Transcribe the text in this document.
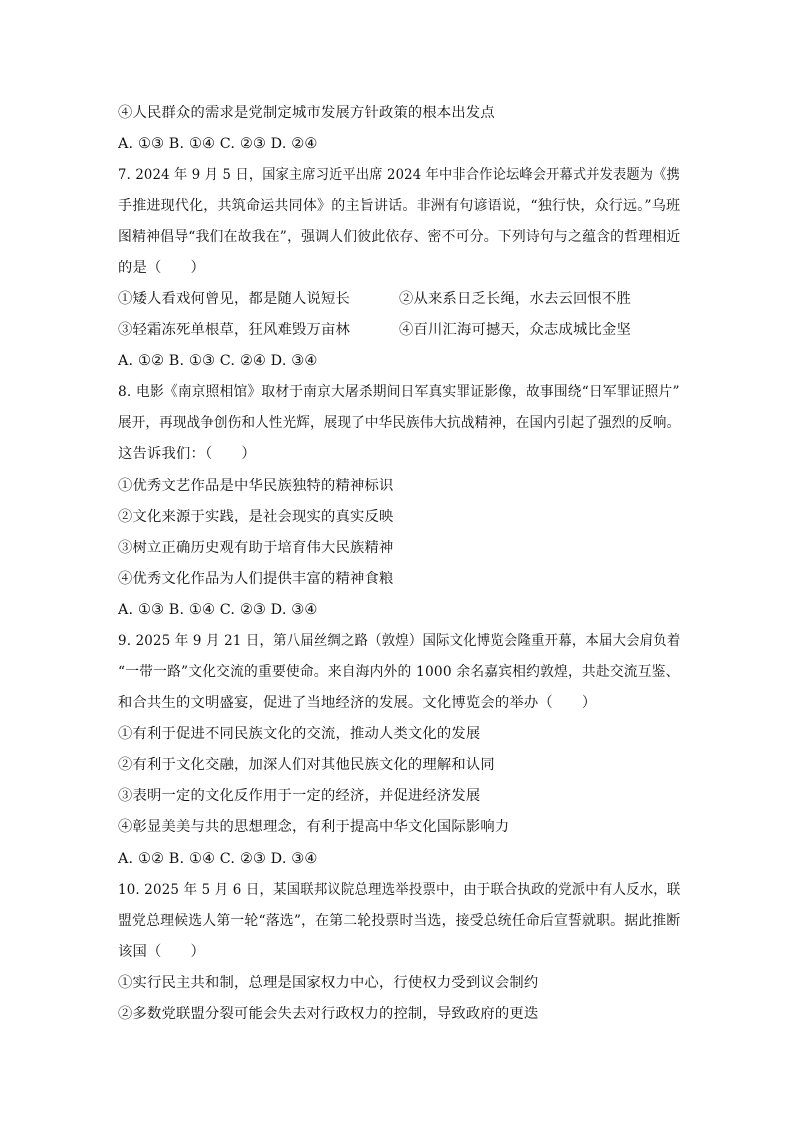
④人民群众的需求是党制定城市发展方针政策的根本出发点
A. ①③ B. ①④ C. ②③ D. ②④
7. 2024 年 9 月 5 日，国家主席习近平出席 2024 年中非合作论坛峰会开幕式并发表题为《携
手推进现代化，共筑命运共同体》的主旨讲话。非洲有句谚语说，“独行快，众行远。”乌班
图精神倡导“我们在故我在”，强调人们彼此依存、密不可分。下列诗句与之蕴含的哲理相近
的是（　　）
①矮人看戏何曾见，都是随人说短长	②从来系日乏长绳，水去云回恨不胜
③轻霜冻死单根草，狂风难毁万亩林	④百川汇海可撼天，众志成城比金坚
A. ①② B. ①③ C. ②④ D. ③④
8. 电影《南京照相馆》取材于南京大屠杀期间日军真实罪证影像，故事围绕“日军罪证照片”
展开，再现战争创伤和人性光辉，展现了中华民族伟大抗战精神，在国内引起了强烈的反响。
这告诉我们：（　　）
①优秀文艺作品是中华民族独特的精神标识
②文化来源于实践，是社会现实的真实反映
③树立正确历史观有助于培育伟大民族精神
④优秀文化作品为人们提供丰富的精神食粮
A. ①③ B. ①④ C. ②③ D. ③④
9. 2025 年 9 月 21 日，第八届丝绸之路（敦煌）国际文化博览会隆重开幕，本届大会肩负着
“一带一路”文化交流的重要使命。来自海内外的 1000 余名嘉宾相约敦煌，共赴交流互鉴、
和合共生的文明盛宴，促进了当地经济的发展。文化博览会的举办（　　）
①有利于促进不同民族文化的交流，推动人类文化的发展
②有利于文化交融，加深人们对其他民族文化的理解和认同
③表明一定的文化反作用于一定的经济，并促进经济发展
④彰显美美与共的思想理念，有利于提高中华文化国际影响力
A. ①② B. ①④ C. ②③ D. ③④
10. 2025 年 5 月 6 日，某国联邦议院总理选举投票中，由于联合执政的党派中有人反水，联
盟党总理候选人第一轮“落选”，在第二轮投票时当选，接受总统任命后宣誓就职。据此推断
该国（　　）
①实行民主共和制，总理是国家权力中心，行使权力受到议会制约
②多数党联盟分裂可能会失去对行政权力的控制，导致政府的更迭
